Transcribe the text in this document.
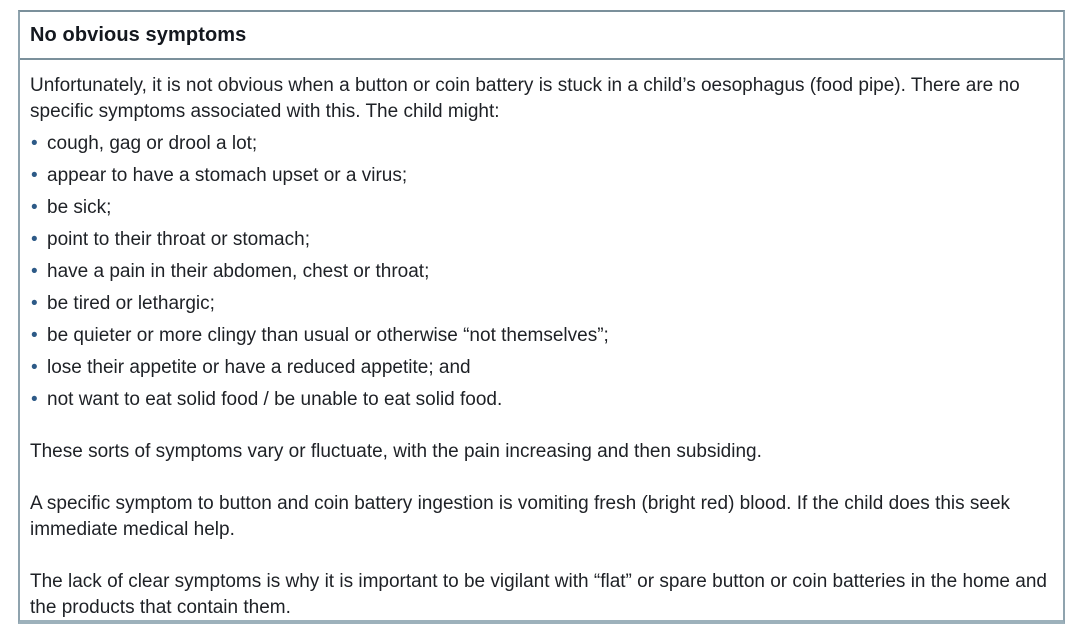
No obvious symptoms

Unfortunately, it is not obvious when a button or coin battery is stuck in a child’s oesophagus (food pipe). There are no specific symptoms associated with this. The child might:

• cough, gag or drool a lot;
• appear to have a stomach upset or a virus;
• be sick;
• point to their throat or stomach;
• have a pain in their abdomen, chest or throat;
• be tired or lethargic;
• be quieter or more clingy than usual or otherwise “not themselves”;
• lose their appetite or have a reduced appetite; and
• not want to eat solid food / be unable to eat solid food.

These sorts of symptoms vary or fluctuate, with the pain increasing and then subsiding.

A specific symptom to button and coin battery ingestion is vomiting fresh (bright red) blood. If the child does this seek immediate medical help.

The lack of clear symptoms is why it is important to be vigilant with “flat” or spare button or coin batteries in the home and the products that contain them.
